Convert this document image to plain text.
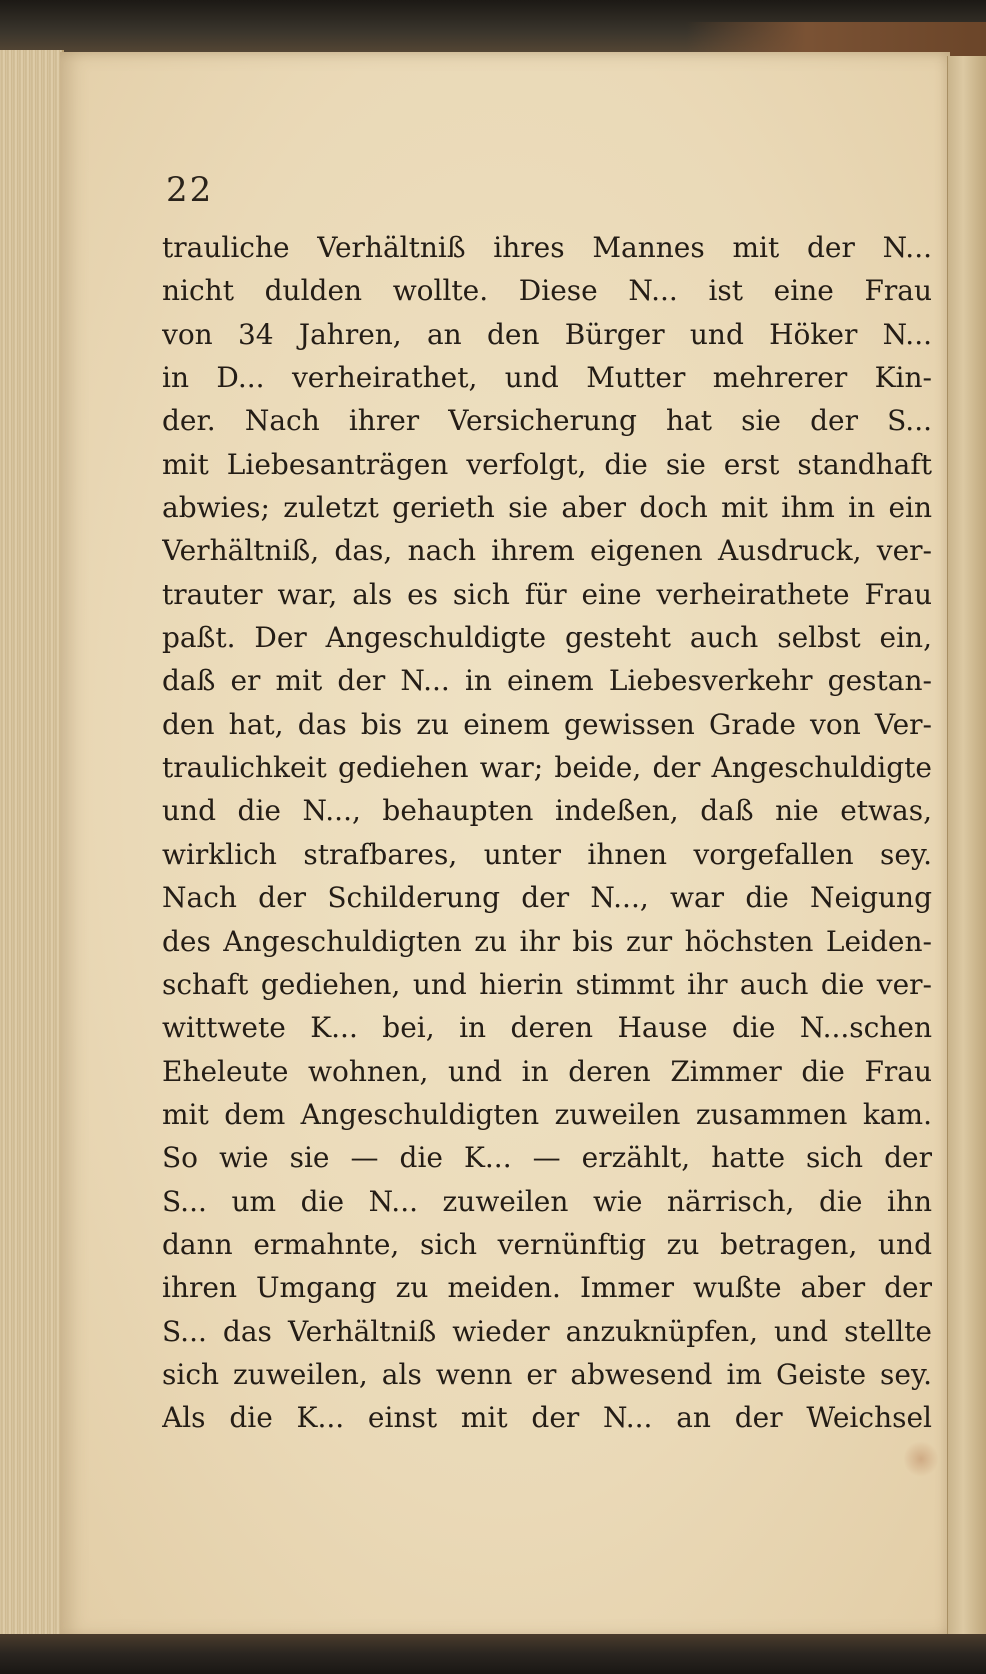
22

trauliche Verhältniß ihres Mannes mit der N...
nicht dulden wollte. Diese N... ist eine Frau
von 34 Jahren, an den Bürger und Höker N...
in D... verheirathet, und Mutter mehrerer Kin-
der. Nach ihrer Versicherung hat sie der S...
mit Liebesanträgen verfolgt, die sie erst standhaft
abwies; zuletzt gerieth sie aber doch mit ihm in ein
Verhältniß, das, nach ihrem eigenen Ausdruck, ver-
trauter war, als es sich für eine verheirathete Frau
paßt. Der Angeschuldigte gesteht auch selbst ein,
daß er mit der N... in einem Liebesverkehr gestan-
den hat, das bis zu einem gewissen Grade von Ver-
traulichkeit gediehen war; beide, der Angeschuldigte
und die N..., behaupten indeßen, daß nie etwas,
wirklich strafbares, unter ihnen vorgefallen sey.
Nach der Schilderung der N..., war die Neigung
des Angeschuldigten zu ihr bis zur höchsten Leiden-
schaft gediehen, und hierin stimmt ihr auch die ver-
wittwete K... bei, in deren Hause die N...schen
Eheleute wohnen, und in deren Zimmer die Frau
mit dem Angeschuldigten zuweilen zusammen kam.
So wie sie — die K... — erzählt, hatte sich der
S... um die N... zuweilen wie närrisch, die ihn
dann ermahnte, sich vernünftig zu betragen, und
ihren Umgang zu meiden. Immer wußte aber der
S... das Verhältniß wieder anzuknüpfen, und stellte
sich zuweilen, als wenn er abwesend im Geiste sey.
Als die K... einst mit der N... an der Weichsel
